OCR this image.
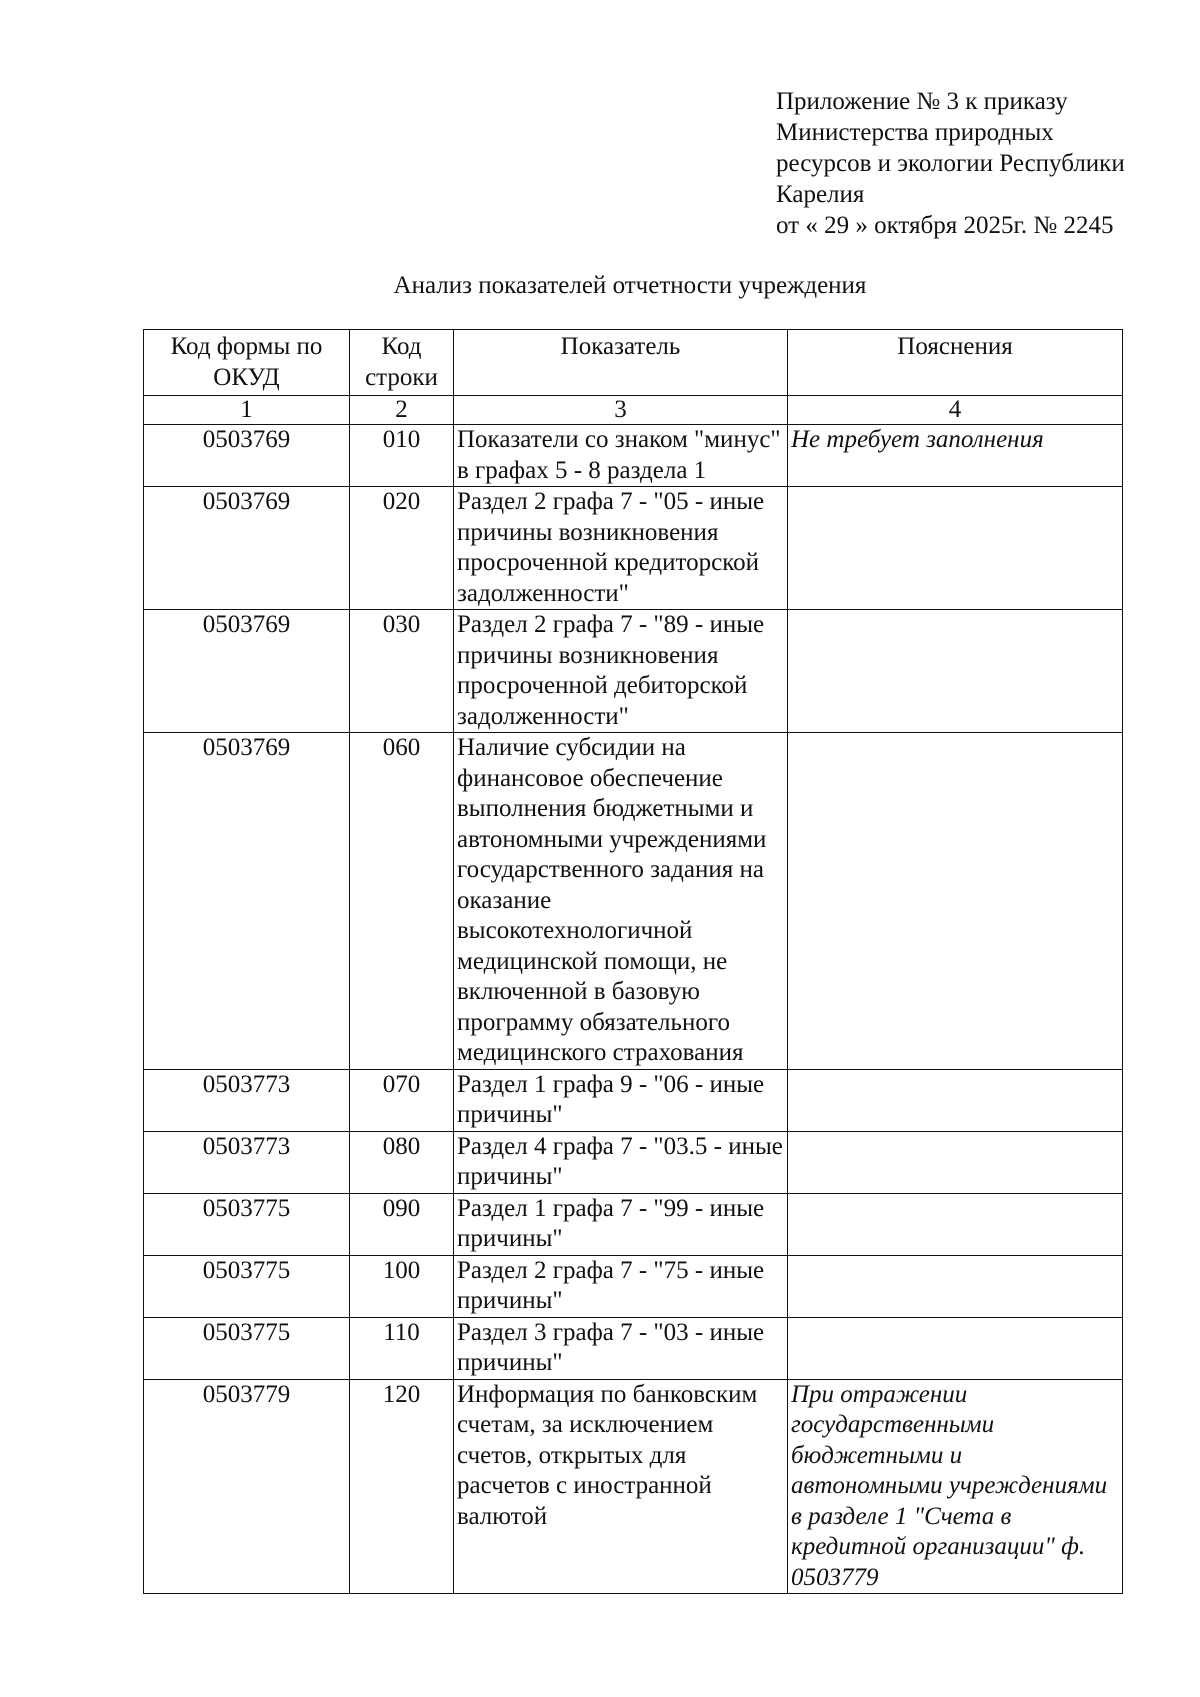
Приложение № 3 к приказу
Министерства природных
ресурсов и экологии Республики
Карелия
от « 29 » октября 2025г. № 2245
Анализ показателей отчетности учреждения
Код формы по ОКУД	Код строки	Показатель	Пояснения
1	2	3	4
0503769	010	Показатели со знаком "минус" в графах 5 - 8 раздела 1	Не требует заполнения
0503769	020	Раздел 2 графа 7 - "05 - иные причины возникновения просроченной кредиторской задолженности"	
0503769	030	Раздел 2 графа 7 - "89 - иные причины возникновения просроченной дебиторской задолженности"	
0503769	060	Наличие субсидии на финансовое обеспечение выполнения бюджетными и автономными учреждениями государственного задания на оказание высокотехнологичной медицинской помощи, не включенной в базовую программу обязательного медицинского страхования	
0503773	070	Раздел 1 графа 9 - "06 - иные причины"	
0503773	080	Раздел 4 графа 7 - "03.5 - иные причины"	
0503775	090	Раздел 1 графа 7 - "99 - иные причины"	
0503775	100	Раздел 2 графа 7 - "75 - иные причины"	
0503775	110	Раздел 3 графа 7 - "03 - иные причины"	
0503779	120	Информация по банковским счетам, за исключением счетов, открытых для расчетов с иностранной валютой	При отражении государственными бюджетными и автономными учреждениями в разделе 1 "Счета в кредитной организации" ф. 0503779
